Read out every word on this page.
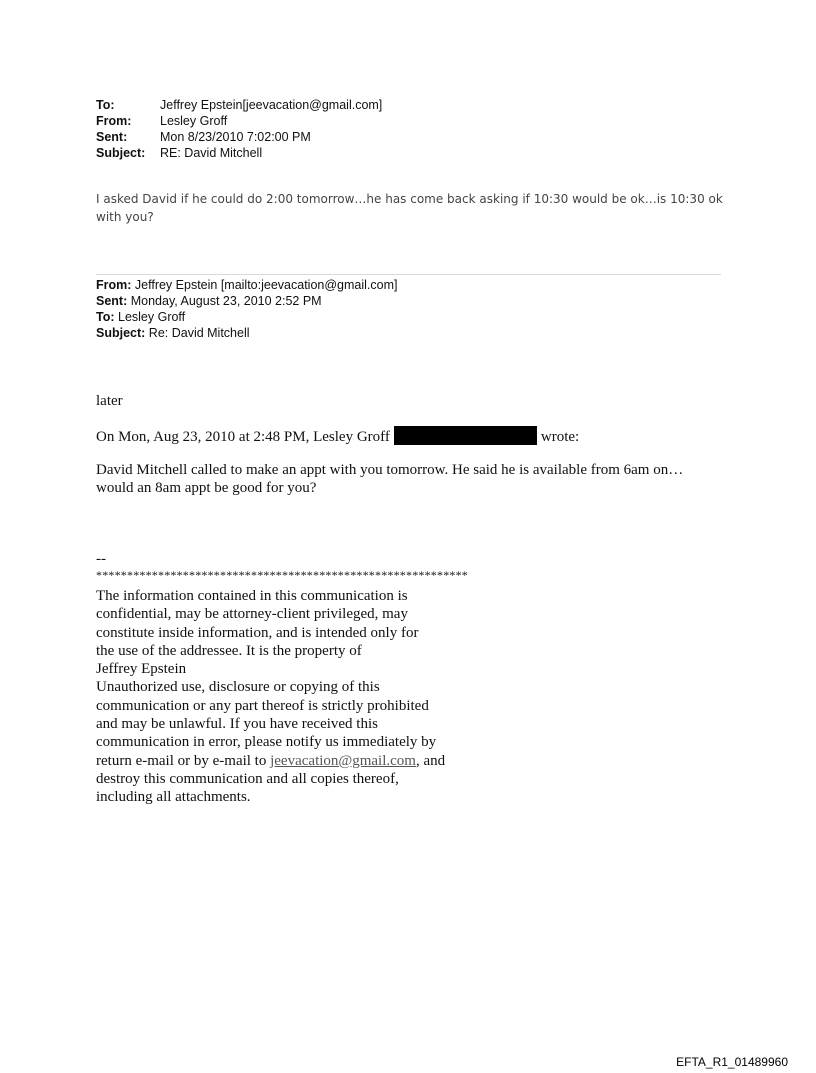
To:	Jeffrey Epstein[jeevacation@gmail.com]
From:	Lesley Groff
Sent:	Mon 8/23/2010 7:02:00 PM
Subject:	RE: David Mitchell
I asked David if he could do 2:00 tomorrow…he has come back asking if 10:30 would be ok…is 10:30 ok with you?
From: Jeffrey Epstein [mailto:jeevacation@gmail.com]
Sent: Monday, August 23, 2010 2:52 PM
To: Lesley Groff
Subject: Re: David Mitchell
later
On Mon, Aug 23, 2010 at 2:48 PM, Lesley Groff	wrote:
David Mitchell called to make an appt with you tomorrow. He said he is available from 6am on…would an 8am appt be good for you?
--
************************************************************
The information contained in this communication is
confidential, may be attorney-client privileged, may
constitute inside information, and is intended only for
the use of the addressee. It is the property of
Jeffrey Epstein
Unauthorized use, disclosure or copying of this
communication or any part thereof is strictly prohibited
and may be unlawful. If you have received this
communication in error, please notify us immediately by
return e-mail or by e-mail to jeevacation@gmail.com, and
destroy this communication and all copies thereof,
including all attachments.
EFTA_R1_01489960
